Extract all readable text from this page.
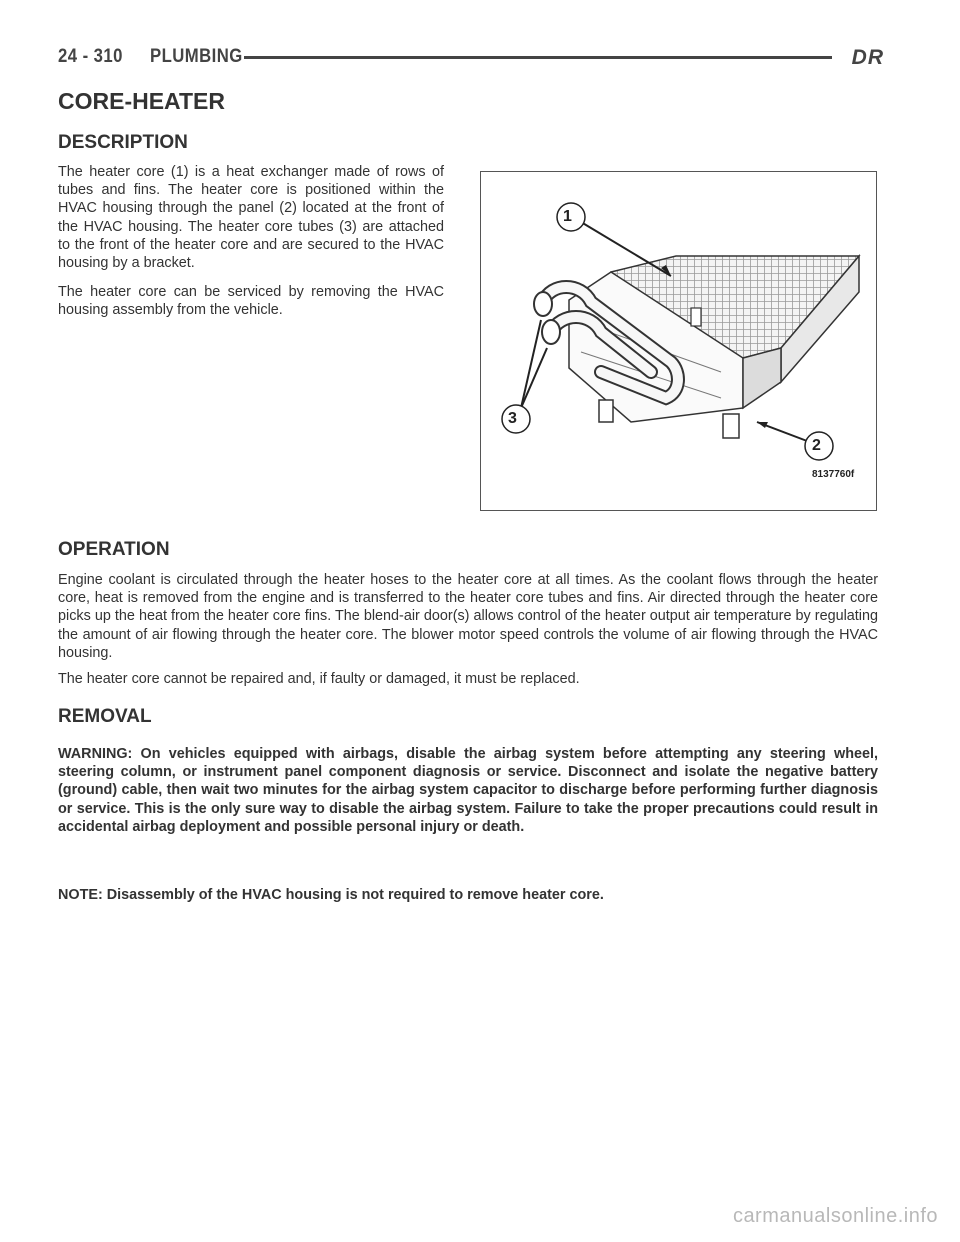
24 - 310 PLUMBING	DR
CORE-HEATER
DESCRIPTION

The heater core (1) is a heat exchanger made of rows of tubes and fins. The heater core is positioned within the HVAC housing through the panel (2) located at the front of the HVAC housing. The heater core tubes (3) are attached to the front of the heater core and are secured to the HVAC housing by a bracket.

The heater core can be serviced by removing the HVAC housing assembly from the vehicle.

1
2
3
8137760f
OPERATION

Engine coolant is circulated through the heater hoses to the heater core at all times. As the coolant flows through the heater core, heat is removed from the engine and is transferred to the heater core tubes and fins. Air directed through the heater core picks up the heat from the heater core fins. The blend-air door(s) allows control of the heater output air temperature by regulating the amount of air flowing through the heater core. The blower motor speed controls the volume of air flowing through the HVAC housing.

The heater core cannot be repaired and, if faulty or damaged, it must be replaced.

REMOVAL

WARNING: On vehicles equipped with airbags, disable the airbag system before attempting any steering wheel, steering column, or instrument panel component diagnosis or service. Disconnect and isolate the negative battery (ground) cable, then wait two minutes for the airbag system capacitor to discharge before performing further diagnosis or service. This is the only sure way to disable the airbag system. Failure to take the proper precautions could result in accidental airbag deployment and possible personal injury or death.

NOTE: Disassembly of the HVAC housing is not required to remove heater core.

carmanualsonline.info
